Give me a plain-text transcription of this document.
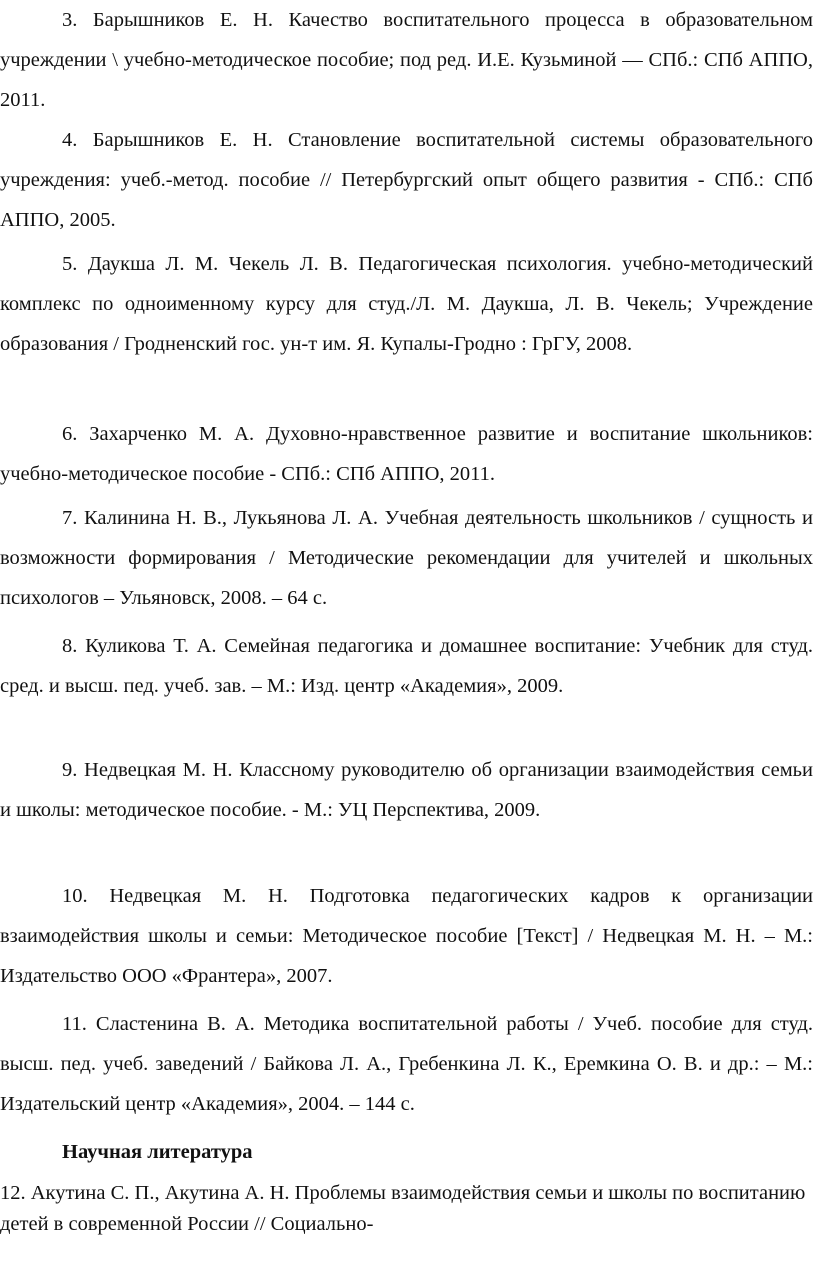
3. Барышников Е. Н. Качество воспитательного процесса в образовательном учреждении \ учебно-методическое пособие; под ред. И.Е. Кузьминой — СПб.: СПб АППО, 2011.

4. Барышников Е. Н. Становление воспитательной системы образовательного учреждения: учеб.-метод. пособие // Петербургский опыт общего развития - СПб.: СПб АППО, 2005.

5. Даукша Л. М. Чекель Л. В. Педагогическая психология. учебно-методический комплекс по одноименному курсу для студ./Л. М. Даукша, Л. В. Чекель; Учреждение образования / Гродненский гос. ун-т им. Я. Купалы-Гродно : ГрГУ, 2008.

6. Захарченко М. А. Духовно-нравственное развитие и воспитание школьников: учебно-методическое пособие - СПб.: СПб АППО, 2011.

7. Калинина Н. В., Лукьянова Л. А. Учебная деятельность школьников / сущность и возможности формирования / Методические рекомендации для учителей и школьных психологов – Ульяновск, 2008. – 64 с.

8. Куликова Т. А. Семейная педагогика и домашнее воспитание: Учебник для студ. сред. и высш. пед. учеб. зав. – М.: Изд. центр «Академия», 2009.

9. Недвецкая М. Н. Классному руководителю об организации взаимодействия семьи и школы: методическое пособие. - М.: УЦ Перспектива, 2009.

10. Недвецкая М. Н. Подготовка педагогических кадров к организации взаимодействия школы и семьи: Методическое пособие [Текст] / Недвецкая М. Н. – М.: Издательство ООО «Франтера», 2007.

11. Сластенина В. А. Методика воспитательной работы / Учеб. пособие для студ. высш. пед. учеб. заведений / Байкова Л. А., Гребенкина Л. К., Еремкина О. В. и др.: – М.: Издательский центр «Академия», 2004. – 144 с.

Научная литература

12. Акутина С. П., Акутина А. Н. Проблемы взаимодействия семьи и школы по воспитанию детей в современной России // Социально-
